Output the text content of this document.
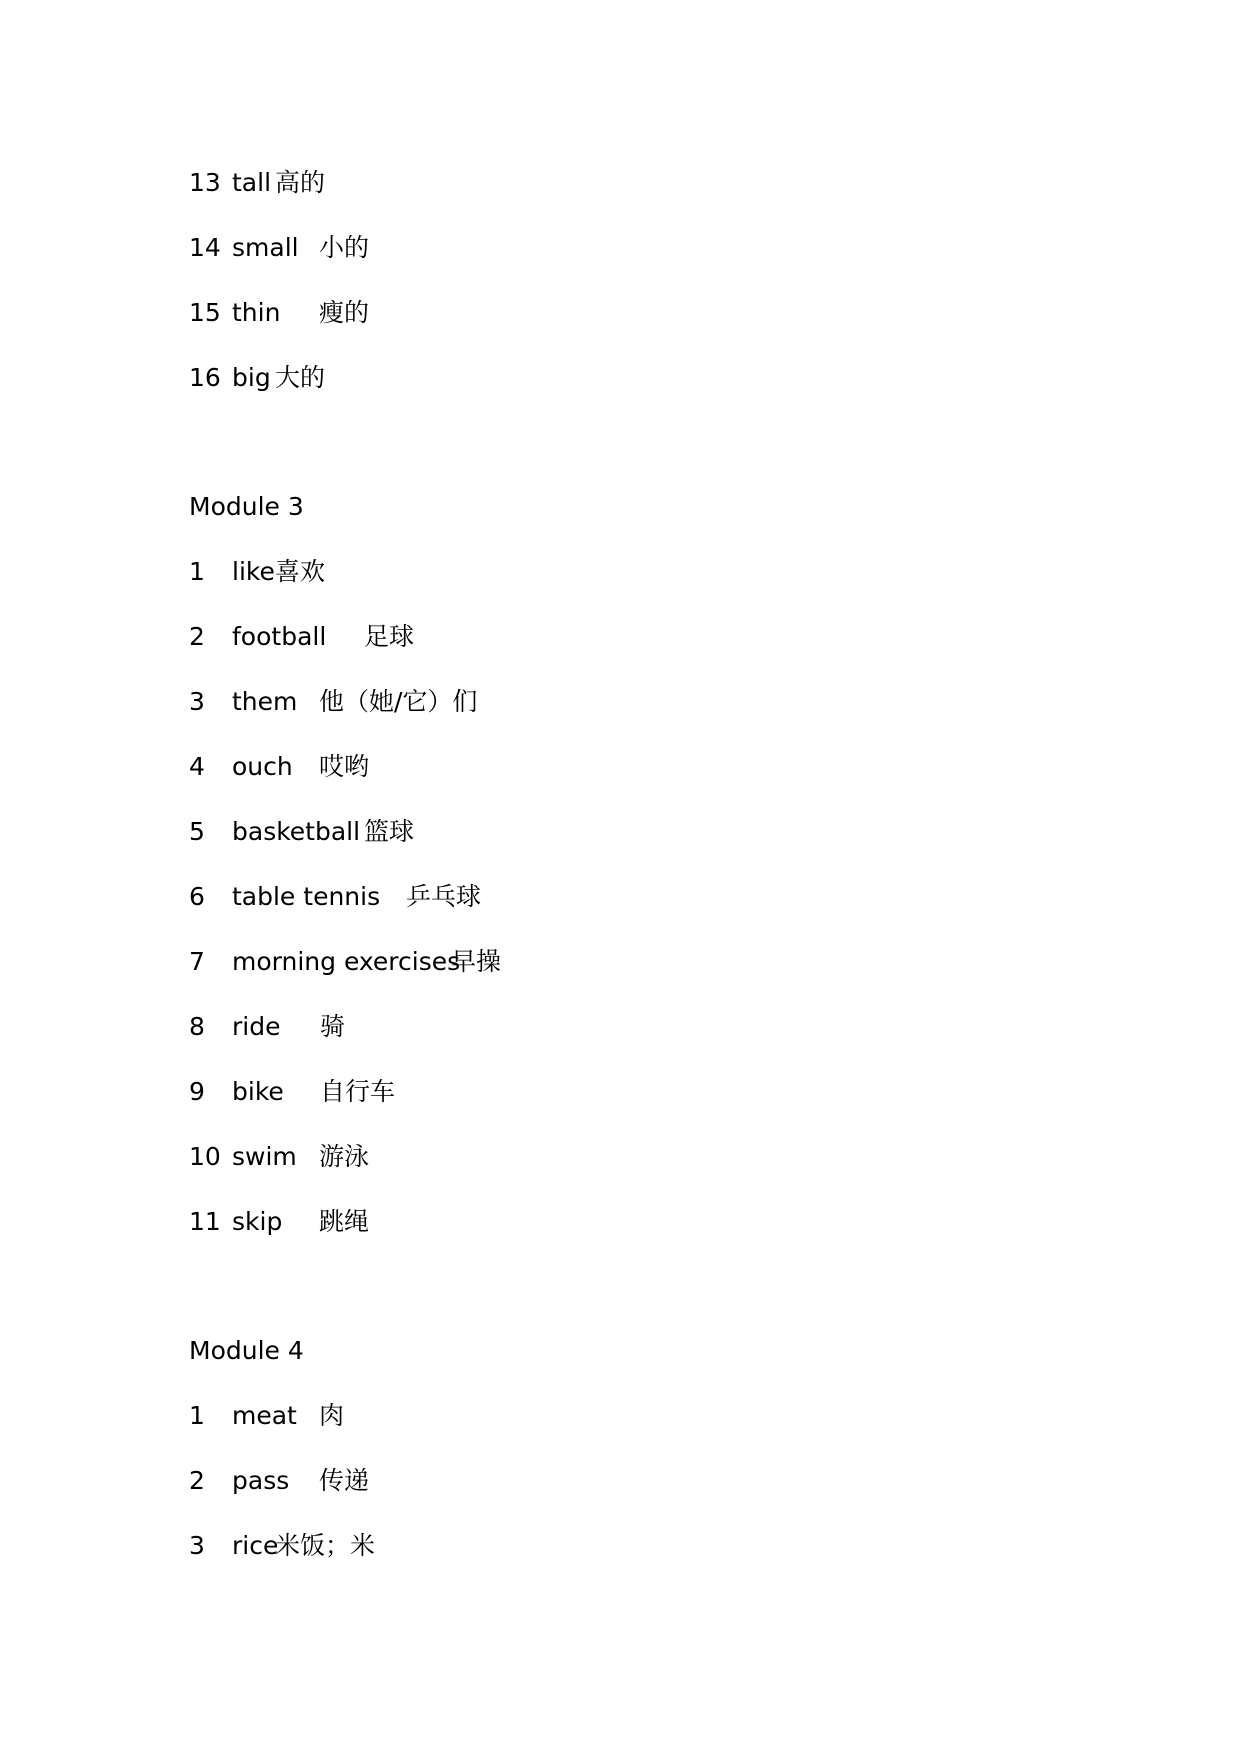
13 tall 高的
14 small 小的
15 thin 瘦的
16 big 大的
Module 3
1 like 喜欢
2 football 足球
3 them 他（她/它）们
4 ouch 哎哟
5 basketball 篮球
6 table tennis 乒乓球
7 morning exercises
早操
8 ride 骑
9 bike 自行车
10 swim 游泳
11 skip 跳绳
Module 4
1 meat 肉
2 pass 传递
3 rice
米饭；米
